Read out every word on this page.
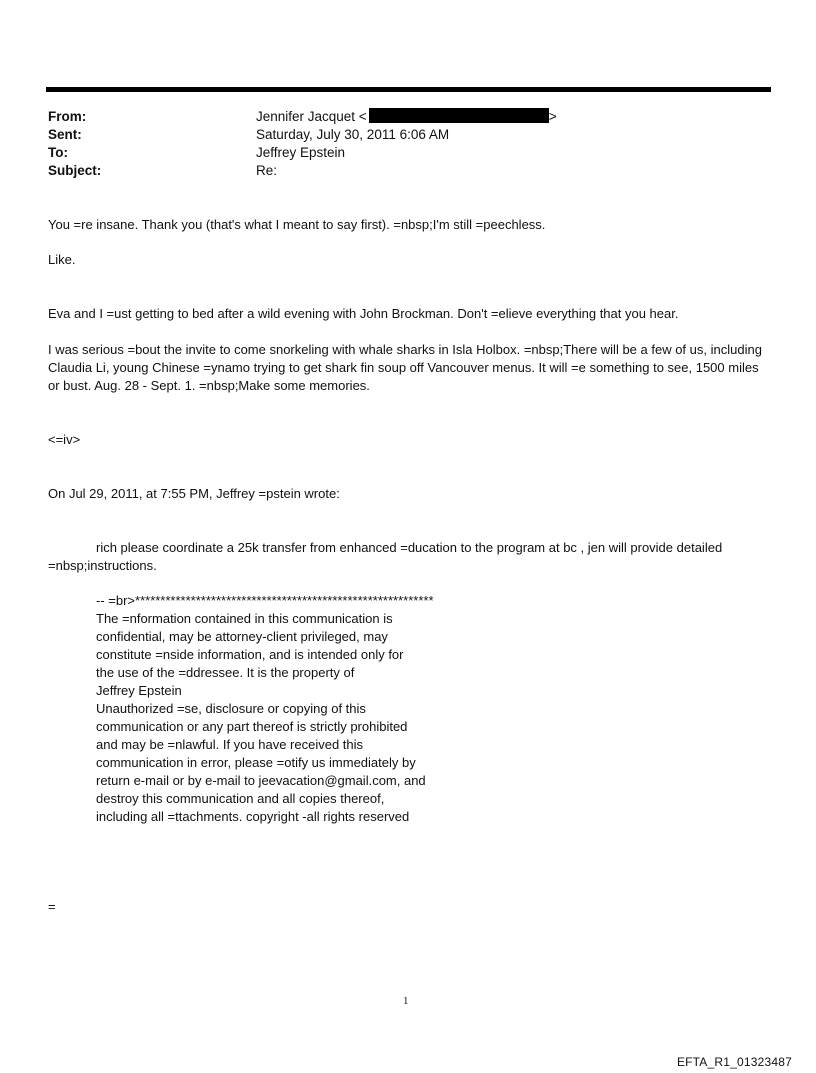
From:	Jennifer Jacquet <	>
Sent:	Saturday, July 30, 2011 6:06 AM
To:	Jeffrey Epstein
Subject:	Re:
You =re insane. Thank you (that's what I meant to say first). =nbsp;I'm still =peechless.
Like.
Eva and I =ust getting to bed after a wild evening with John Brockman. Don't =elieve everything that you hear.
I was serious =bout the invite to come snorkeling with whale sharks in Isla Holbox. =nbsp;There will be a few of us, including Claudia Li, young Chinese =ynamo trying to get shark fin soup off Vancouver menus. It will =e something to see, 1500 miles or bust. Aug. 28 - Sept. 1. =nbsp;Make some memories.
<=iv>
On Jul 29, 2011, at 7:55 PM, Jeffrey =pstein wrote:
rich please coordinate a 25k transfer from enhanced =ducation to the program at bc , jen will provide detailed =nbsp;instructions.
-- =br>***********************************************************
The =nformation contained in this communication is
confidential, may be attorney-client privileged, may
constitute =nside information, and is intended only for
the use of the =ddressee. It is the property of
Jeffrey Epstein
Unauthorized =se, disclosure or copying of this
communication or any part thereof is strictly prohibited
and may be =nlawful. If you have received this
communication in error, please =otify us immediately by
return e-mail or by e-mail to jeevacation@gmail.com, and
destroy this communication and all copies thereof,
including all =ttachments. copyright -all rights reserved
=
1
EFTA_R1_01323487
